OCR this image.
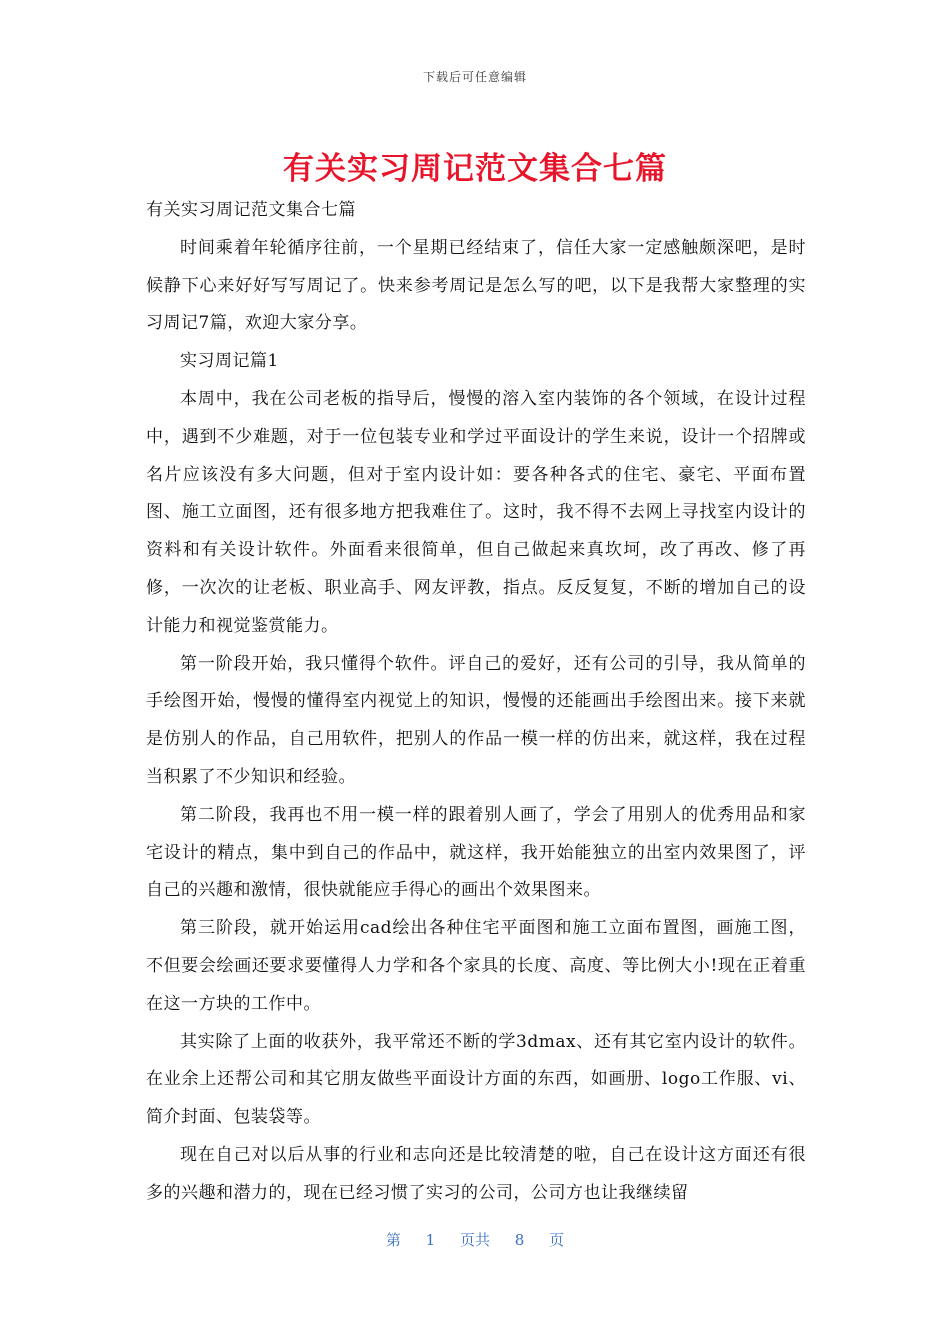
下载后可任意编辑
有关实习周记范文集合七篇

有关实习周记范文集合七篇

时间乘着年轮循序往前，一个星期已经结束了，信任大家一定感触颇深吧，是时候静下心来好好写写周记了。快来参考周记是怎么写的吧，以下是我帮大家整理的实习周记7篇，欢迎大家分享。

实习周记篇1

本周中，我在公司老板的指导后，慢慢的溶入室内装饰的各个领域，在设计过程中，遇到不少难题，对于一位包装专业和学过平面设计的学生来说，设计一个招牌或名片应该没有多大问题，但对于室内设计如：要各种各式的住宅、豪宅、平面布置图、施工立面图，还有很多地方把我难住了。这时，我不得不去网上寻找室内设计的资料和有关设计软件。外面看来很简单，但自己做起来真坎坷，改了再改、修了再修，一次次的让老板、职业高手、网友评教，指点。反反复复，不断的增加自己的设计能力和视觉鉴赏能力。

第一阶段开始，我只懂得个软件。评自己的爱好，还有公司的引导，我从简单的手绘图开始，慢慢的懂得室内视觉上的知识，慢慢的还能画出手绘图出来。接下来就是仿别人的作品，自己用软件，把别人的作品一模一样的仿出来，就这样，我在过程当积累了不少知识和经验。

第二阶段，我再也不用一模一样的跟着别人画了，学会了用别人的优秀用品和家宅设计的精点，集中到自己的作品中，就这样，我开始能独立的出室内效果图了，评自己的兴趣和激情，很快就能应手得心的画出个效果图来。

第三阶段，就开始运用cad绘出各种住宅平面图和施工立面布置图，画施工图，不但要会绘画还要求要懂得人力学和各个家具的长度、高度、等比例大小!现在正着重在这一方块的工作中。

其实除了上面的收获外，我平常还不断的学3dmax、还有其它室内设计的软件。在业余上还帮公司和其它朋友做些平面设计方面的东西，如画册、logo工作服、vi、简介封面、包装袋等。

现在自己对以后从事的行业和志向还是比较清楚的啦，自己在设计这方面还有很多的兴趣和潜力的，现在已经习惯了实习的公司，公司方也让我继续留

第 1 页共 8 页
